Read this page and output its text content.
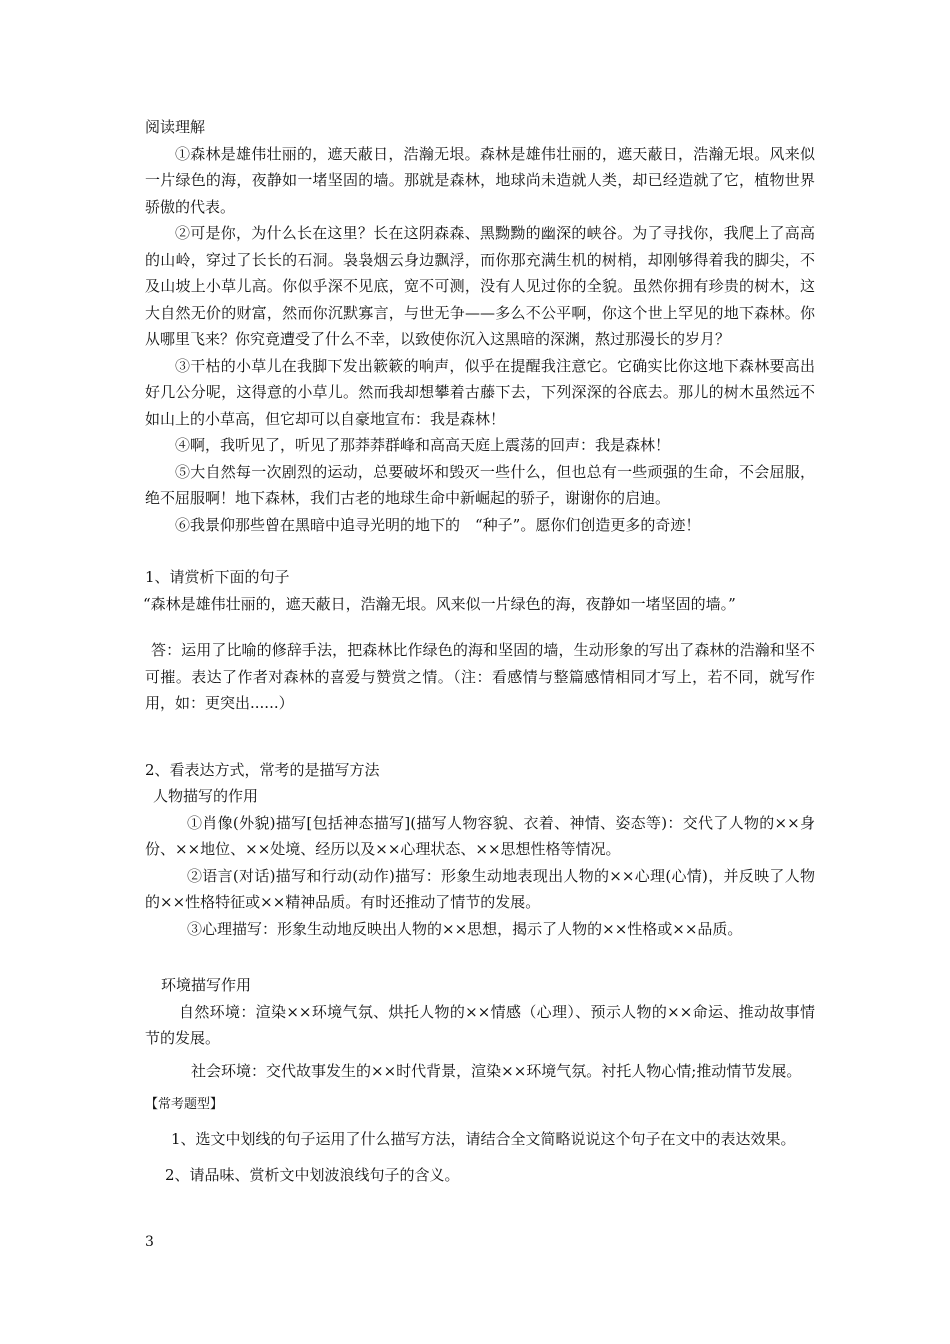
阅读理解
①森林是雄伟壮丽的，遮天蔽日，浩瀚无垠。森林是雄伟壮丽的，遮天蔽日，浩瀚无垠。风来似一片绿色的海，夜静如一堵坚固的墙。那就是森林，地球尚未造就人类，却已经造就了它，植物世界骄傲的代表。
②可是你，为什么长在这里？长在这阴森森、黑黝黝的幽深的峡谷。为了寻找你，我爬上了高高的山岭，穿过了长长的石洞。袅袅烟云身边飘浮，而你那充满生机的树梢，却刚够得着我的脚尖，不及山坡上小草儿高。你似乎深不见底，宽不可测，没有人见过你的全貌。虽然你拥有珍贵的树木，这大自然无价的财富，然而你沉默寡言，与世无争——多么不公平啊，你这个世上罕见的地下森林。你从哪里飞来？你究竟遭受了什么不幸，以致使你沉入这黑暗的深渊，熬过那漫长的岁月？
③干枯的小草儿在我脚下发出簌簌的响声，似乎在提醒我注意它。它确实比你这地下森林要高出好几公分呢，这得意的小草儿。然而我却想攀着古藤下去，下列深深的谷底去。那儿的树木虽然远不如山上的小草高，但它却可以自豪地宣布：我是森林！
④啊，我听见了，听见了那莽莽群峰和高高天庭上震荡的回声：我是森林！
⑤大自然每一次剧烈的运动，总要破坏和毁灭一些什么，但也总有一些顽强的生命，不会屈服，绝不屈服啊！地下森林，我们古老的地球生命中新崛起的骄子，谢谢你的启迪。
⑥我景仰那些曾在黑暗中追寻光明的地下的　“种子”。愿你们创造更多的奇迹！
1、请赏析下面的句子
“森林是雄伟壮丽的，遮天蔽日，浩瀚无垠。风来似一片绿色的海，夜静如一堵坚固的墙。”
答：运用了比喻的修辞手法，把森林比作绿色的海和坚固的墙，生动形象的写出了森林的浩瀚和坚不可摧。表达了作者对森林的喜爱与赞赏之情。（注：看感情与整篇感情相同才写上，若不同，就写作用，如：更突出......）
2、看表达方式，常考的是描写方法
人物描写的作用
①肖像(外貌)描写[包括神态描写](描写人物容貌、衣着、神情、姿态等)：交代了人物的××身份、××地位、××处境、经历以及××心理状态、××思想性格等情况。
②语言(对话)描写和行动(动作)描写：形象生动地表现出人物的××心理(心情)，并反映了人物的××性格特征或××精神品质。有时还推动了情节的发展。
③心理描写：形象生动地反映出人物的××思想，揭示了人物的××性格或××品质。
环境描写作用
自然环境：渲染××环境气氛、烘托人物的××情感（心理）、预示人物的××命运、推动故事情节的发展。
社会环境：交代故事发生的××时代背景，渲染××环境气氛。衬托人物心情;推动情节发展。
【常考题型】
1、选文中划线的句子运用了什么描写方法，请结合全文简略说说这个句子在文中的表达效果。
2、请品味、赏析文中划波浪线句子的含义。
3
